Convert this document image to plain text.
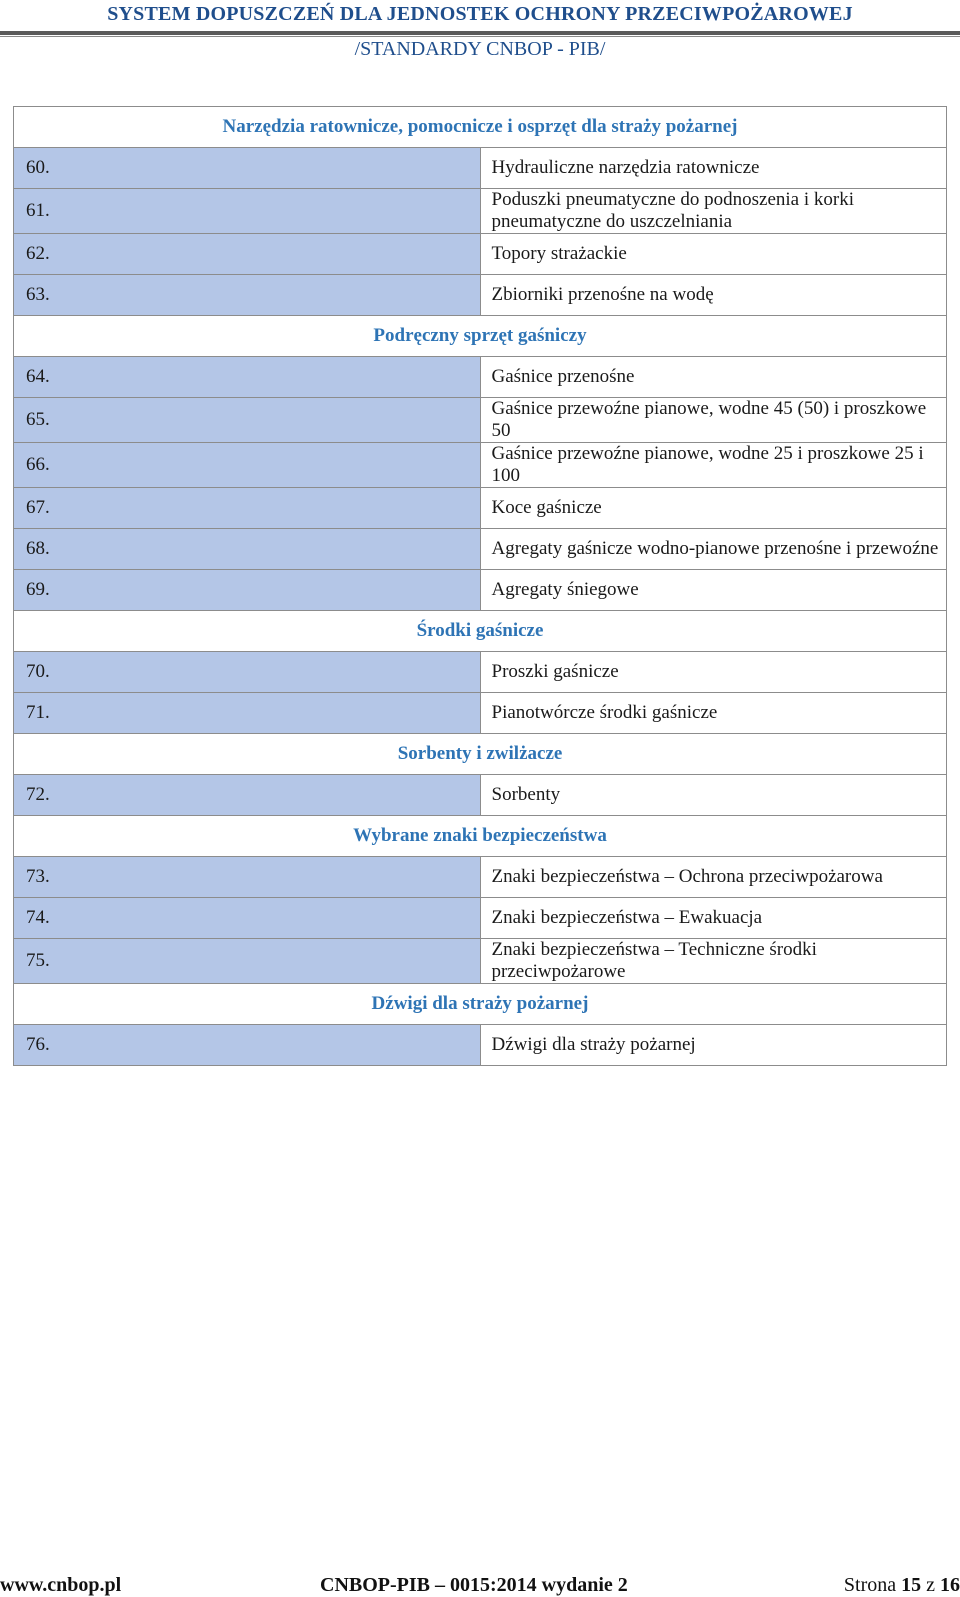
SYSTEM DOPUSZCZEŃ DLA JEDNOSTEK OCHRONY PRZECIWPOŻAROWEJ
/STANDARDY CNBOP - PIB/
Narzędzia ratownicze, pomocnicze i osprzęt dla straży pożarnej	
60.	Hydrauliczne narzędzia ratownicze
61.	Poduszki pneumatyczne do podnoszenia i korki pneumatyczne do uszczelniania
62.	Topory strażackie
63.	Zbiorniki przenośne na wodę
Podręczny sprzęt gaśniczy	
64.	Gaśnice przenośne
65.	Gaśnice przewoźne pianowe, wodne 45 (50) i proszkowe 50
66.	Gaśnice przewoźne pianowe, wodne 25 i proszkowe 25 i 100
67.	Koce gaśnicze
68.	Agregaty gaśnicze wodno-pianowe przenośne i przewoźne
69.	Agregaty śniegowe
Środki gaśnicze	
70.	Proszki gaśnicze
71.	Pianotwórcze środki gaśnicze
Sorbenty i zwilżacze	
72.	Sorbenty
Wybrane znaki bezpieczeństwa	
73.	Znaki bezpieczeństwa – Ochrona przeciwpożarowa
74.	Znaki bezpieczeństwa – Ewakuacja
75.	Znaki bezpieczeństwa – Techniczne środki przeciwpożarowe
Dźwigi dla straży pożarnej	
76.	Dźwigi dla straży pożarnej
www.cnbop.pl	CNBOP-PIB – 0015:2014 wydanie 2	Strona 15 z 16
